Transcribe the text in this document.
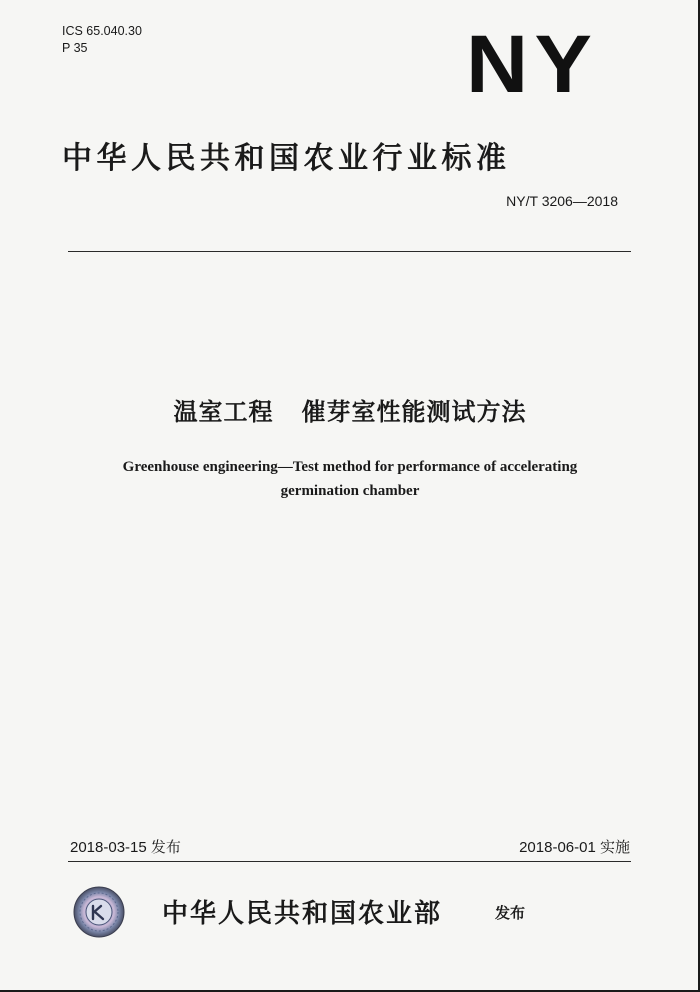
ICS 65.040.30
P 35	NY
中华人民共和国农业行业标准
NY/T 3206—2018
温室工程   催芽室性能测试方法
Greenhouse engineering—Test method for performance of accelerating
germination chamber
2018-03-15 发布	2018-06-01 实施
中华人民共和国农业部	发布
